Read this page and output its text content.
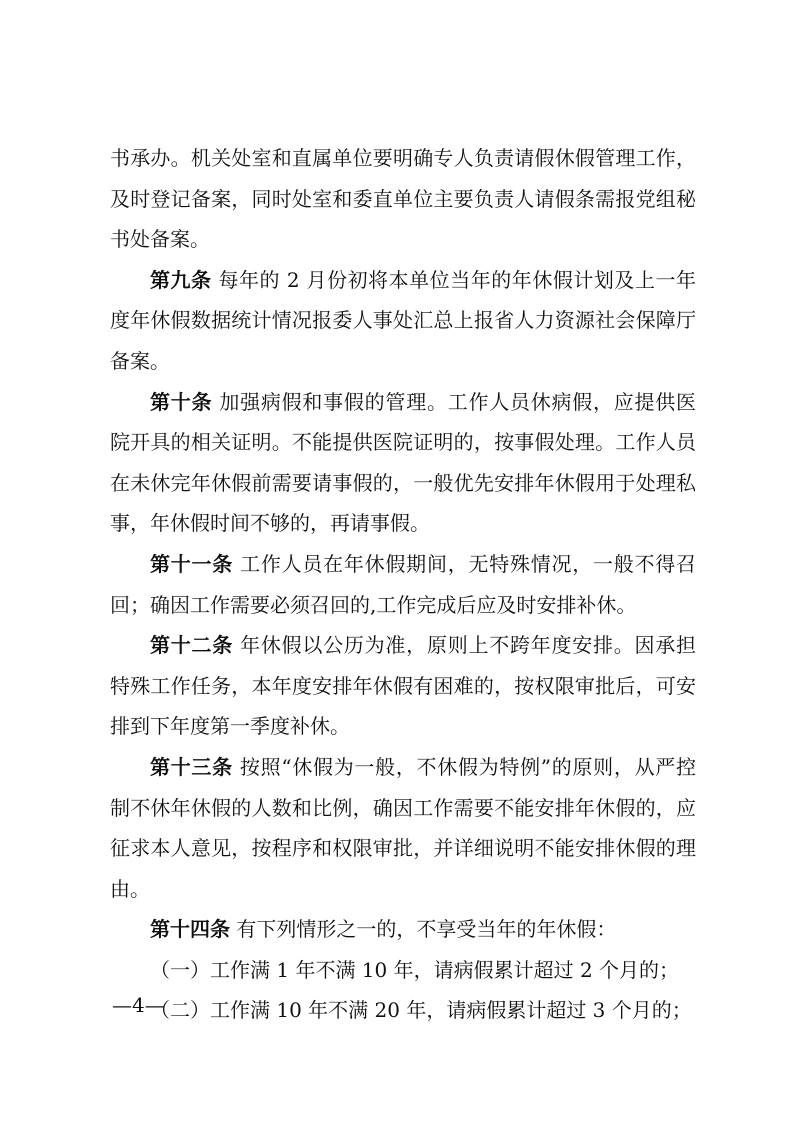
书承办。机关处室和直属单位要明确专人负责请假休假管理工作，及时登记备案，同时处室和委直单位主要负责人请假条需报党组秘书处备案。

第九条 每年的 2 月份初将本单位当年的年休假计划及上一年度年休假数据统计情况报委人事处汇总上报省人力资源社会保障厅备案。

第十条 加强病假和事假的管理。工作人员休病假，应提供医院开具的相关证明。不能提供医院证明的，按事假处理。工作人员在未休完年休假前需要请事假的，一般优先安排年休假用于处理私事，年休假时间不够的，再请事假。

第十一条 工作人员在年休假期间，无特殊情况，一般不得召回；确因工作需要必须召回的,工作完成后应及时安排补休。

第十二条 年休假以公历为准，原则上不跨年度安排。因承担特殊工作任务，本年度安排年休假有困难的，按权限审批后，可安排到下年度第一季度补休。

第十三条 按照“休假为一般，不休假为特例”的原则，从严控制不休年休假的人数和比例，确因工作需要不能安排年休假的，应征求本人意见，按程序和权限审批，并详细说明不能安排休假的理由。

第十四条 有下列情形之一的，不享受当年的年休假：

（一）工作满 1 年不满 10 年，请病假累计超过 2 个月的；

（二）工作满 10 年不满 20 年，请病假累计超过 3 个月的；

—4—
